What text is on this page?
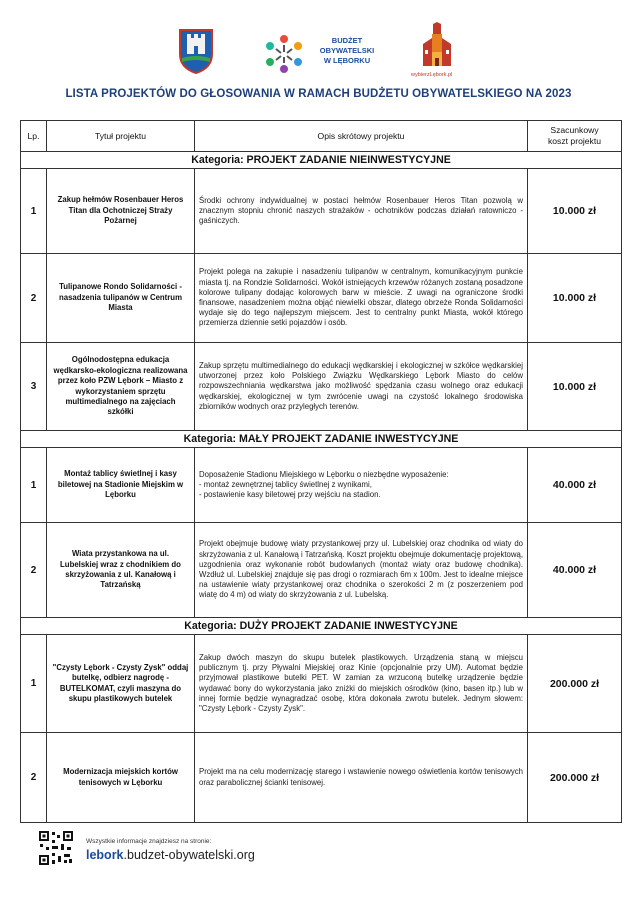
BUDŻET
OBYWATELSKI
W LĘBORKU
wybierzLębork.pl
LISTA PROJEKTÓW DO GŁOSOWANIA W RAMACH BUDŻETU OBYWATELSKIEGO NA 2023
Lp.	Tytuł projektu	Opis skrótowy projektu	Szacunkowy
koszt projektu
Kategoria: PROJEKT ZADANIE NIEINWESTYCYJNE			
1	Zakup hełmów Rosenbauer Heros Titan dla Ochotniczej Straży Pożarnej	Środki ochrony indywidualnej w postaci hełmów Rosenbauer Heros Titan pozwolą w znacznym stopniu chronić naszych strażaków - ochotników podczas działań ratowniczo - gaśniczych.	10.000 zł
2	Tulipanowe Rondo Solidarności - nasadzenia tulipanów w Centrum Miasta	Projekt polega na zakupie i nasadzeniu tulipanów w centralnym, komunikacyjnym punkcie miasta tj. na Rondzie Solidarności. Wokół istniejących krzewów różanych zostaną posadzone kolorowe tulipany dodając kolorowych barw w mieście. Z uwagi na ograniczone środki finansowe, nasadzeniem można objąć niewielki obszar, dlatego obrzeże Ronda Solidarności wydaje się do tego najlepszym miejscem. Jest to centralny punkt Miasta, wokół którego przemierza dziennie setki pojazdów i osób.	10.000 zł
3	Ogólnodostępna edukacja wędkarsko-ekologiczna realizowana przez koło PZW Lębork – Miasto z wykorzystaniem sprzętu multimedialnego na zajęciach szkółki	Zakup sprzętu multimedialnego do edukacji wędkarskiej i ekologicznej w szkółce wędkarskiej utworzonej przez koło Polskiego Związku Wędkarskiego Lębork Miasto do celów rozpowszechniania wędkarstwa jako możliwość spędzania czasu wolnego oraz edukacji wędkarskiej, ekologicznej w tym zwrócenie uwagi na czystość lokalnego środowiska zbiorników wodnych oraz przyległych terenów.	10.000 zł
Kategoria: MAŁY PROJEKT ZADANIE INWESTYCYJNE			
1	Montaż tablicy świetlnej i kasy biletowej na Stadionie Miejskim w Lęborku	Doposażenie Stadionu Miejskiego w Lęborku o niezbędne wyposażenie:
- montaż zewnętrznej tablicy świetlnej z wynikami,
- postawienie kasy biletowej przy wejściu na stadion.	40.000 zł
2	Wiata przystankowa na ul. Lubelskiej wraz z chodnikiem do skrzyżowania z ul. Kanałową i Tatrzańską	Projekt obejmuje budowę wiaty przystankowej przy ul. Lubelskiej oraz chodnika od wiaty do skrzyżowania z ul. Kanałową i Tatrzańską. Koszt projektu obejmuje dokumentację projektową, uzgodnienia oraz wykonanie robót budowlanych (montaż wiaty oraz budowę chodnika). Wzdłuż ul. Lubelskiej znajduje się pas drogi o rozmiarach 6m x 100m. Jest to idealne miejsce na ustawienie wiaty przystankowej oraz chodnika o szerokości 2 m (z poszerzeniem pod wiatę do 4 m) od wiaty do skrzyżowania z ul. Lubelską.	40.000 zł
Kategoria: DUŻY PROJEKT ZADANIE INWESTYCYJNE			
1	"Czysty Lębork - Czysty Zysk" oddaj butelkę, odbierz nagrodę - BUTELKOMAT, czyli maszyna do skupu plastikowych butelek	Zakup dwóch maszyn do skupu butelek plastikowych. Urządzenia staną w miejscu publicznym tj. przy Pływalni Miejskiej oraz Kinie (opcjonalnie przy UM). Automat będzie przyjmował plastikowe butelki PET. W zamian za wrzuconą butelkę urządzenie będzie wydawać bony do wykorzystania jako zniżki do miejskich ośrodków (kino, basen itp.) lub w innej formie będzie wynagradzać osobę, która dokonała zwrotu butelek. Jednym słowem: "Czysty Lębork - Czysty Zysk".	200.000 zł
2	Modernizacja miejskich kortów tenisowych w Lęborku	Projekt ma na celu modernizację starego i wstawienie nowego oświetlenia kortów tenisowych oraz parabolicznej ścianki tenisowej.	200.000 zł
Wszystkie informacje znajdziesz na stronie:
lebork.budzet-obywatelski.org
